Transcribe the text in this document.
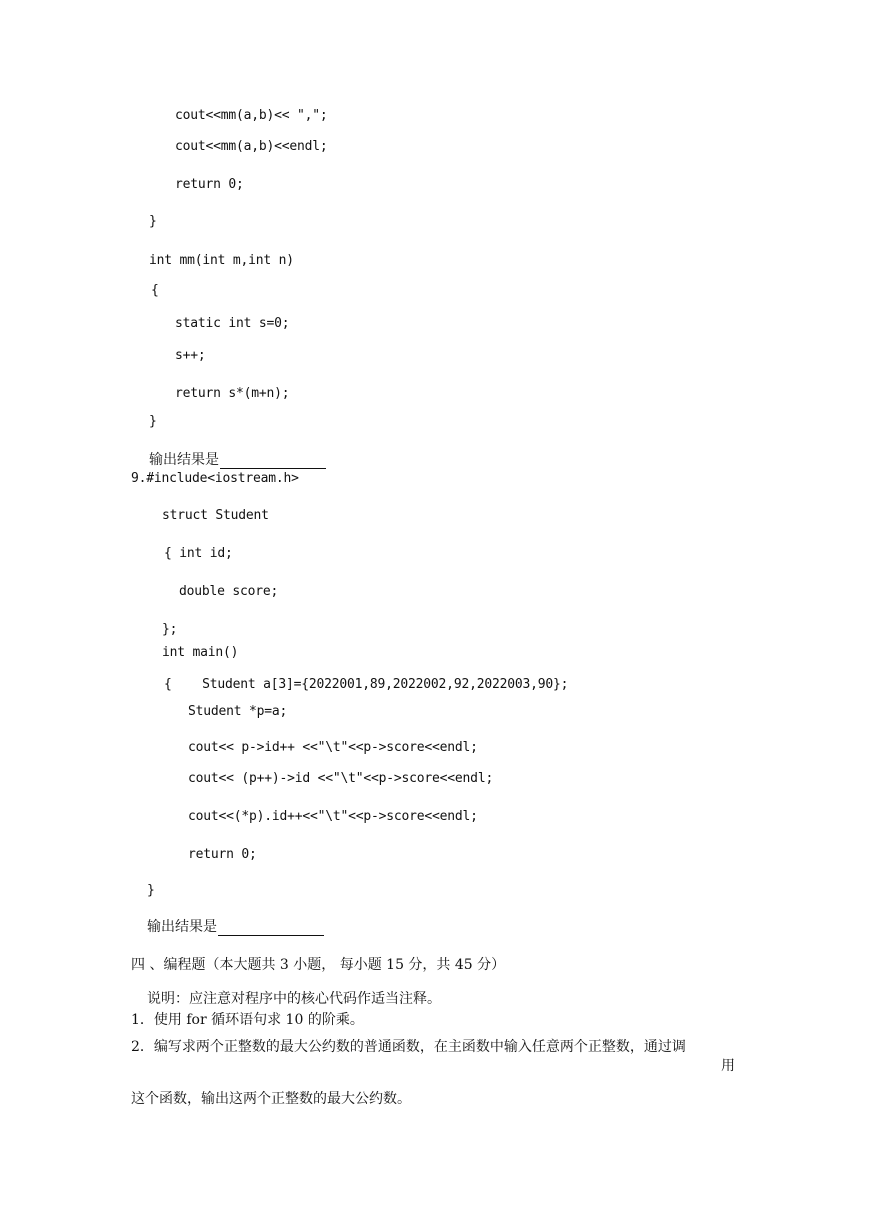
cout<<mm(a,b)<< ",";
cout<<mm(a,b)<<endl;
return 0;
}
int mm(int m,int n)
{
static int s=0;
s++;
return s*(m+n);
}
输出结果是
9.#include<iostream.h>
struct Student
{ int id;
double score;
};
int main()
{    Student a[3]={2022001,89,2022002,92,2022003,90};
Student *p=a;
cout<< p->id++ <<"\t"<<p->score<<endl;
cout<< (p++)->id <<"\t"<<p->score<<endl;
cout<<(*p).id++<<"\t"<<p->score<<endl;
return 0;
}
输出结果是
四 、编程题（本大题共 3 小题， 每小题 15 分，共 45 分）
说明：应注意对程序中的核心代码作适当注释。
1．使用 for 循环语句求 10 的阶乘。
2．编写求两个正整数的最大公约数的普通函数，在主函数中输入任意两个正整数，通过调
用
这个函数，输出这两个正整数的最大公约数。
